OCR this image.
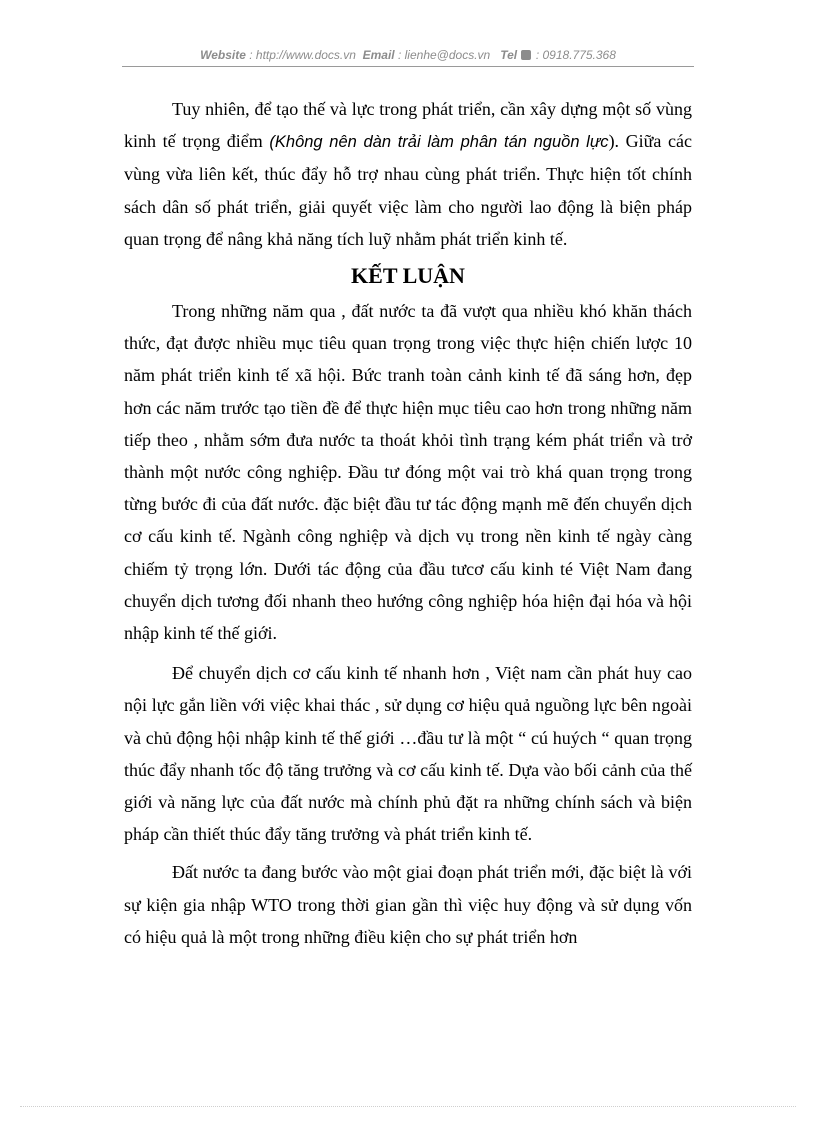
Website : http://www.docs.vn Email : lienhe@docs.vn Tel  : 0918.775.368

Tuy nhiên, để tạo thế và lực trong phát triển, cần xây dựng một số vùng kinh tế trọng điểm (Không nên dàn trải làm phân tán nguồn lực). Giữa các vùng vừa liên kết, thúc đẩy hỗ trợ nhau cùng phát triển. Thực hiện tốt chính sách dân số phát triển, giải quyết việc làm cho người lao động là biện pháp quan trọng để nâng khả năng tích luỹ nhằm phát triển kinh tế.

KẾT LUẬN

Trong những năm qua , đất nước ta đã vượt qua nhiều khó khăn thách thức, đạt được nhiều mục tiêu quan trọng trong việc thực hiện chiến lược 10 năm phát triển kinh tế xã hội. Bức tranh toàn cảnh kinh tế đã sáng hơn, đẹp hơn các năm trước tạo tiền đề để thực hiện mục tiêu cao hơn trong những năm tiếp theo , nhằm sớm đưa nước ta thoát khỏi tình trạng kém phát triển và trở thành một nước công nghiệp. Đầu tư đóng một vai trò khá quan trọng trong từng bước đi của đất nước. đặc biệt đầu tư tác động mạnh mẽ đến chuyển dịch cơ cấu kinh tế. Ngành công nghiệp và dịch vụ trong nền kinh tế ngày càng chiếm tỷ trọng lớn. Dưới tác động của đầu tưcơ cấu kinh té Việt Nam đang chuyển dịch tương đối nhanh theo hướng công nghiệp hóa hiện đại hóa và hội nhập kinh tế thế giới.

Để chuyển dịch cơ cấu kinh tế nhanh hơn , Việt nam cần phát huy cao nội lực gắn liền với việc khai thác , sử dụng cơ hiệu quả nguồng lực bên ngoài và chủ động hội nhập kinh tế thế giới …đầu tư là một “ cú huých “ quan trọng thúc đẩy nhanh tốc độ tăng trưởng và cơ cấu kinh tế. Dựa vào bối cảnh của thế giới và năng lực của đất nước mà chính phủ đặt ra những chính sách và biện pháp cần thiết thúc đẩy tăng trưởng và phát triển kinh tế.

Đất nước ta đang bước vào một giai đoạn phát triển mới, đặc biệt là với sự kiện gia nhập WTO trong thời gian gần thì việc huy động và sử dụng vốn có hiệu quả là một trong những điều kiện cho sự phát triển hơn
